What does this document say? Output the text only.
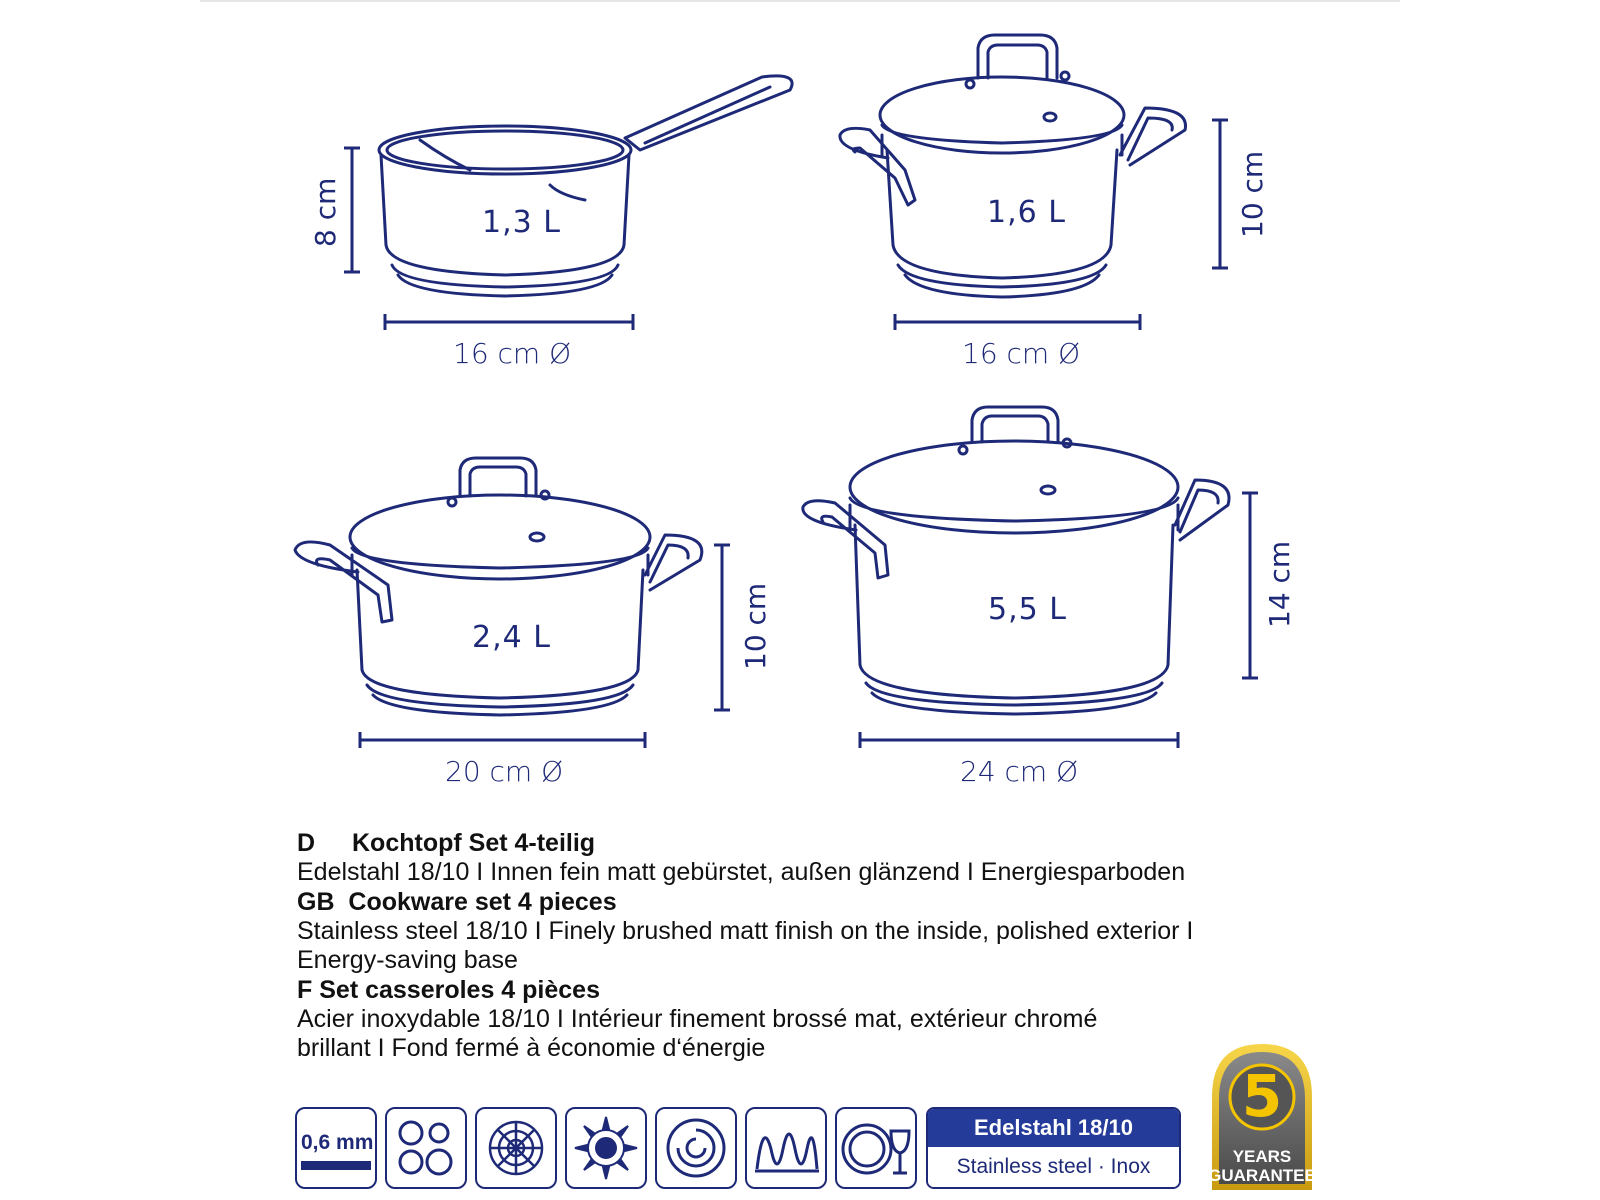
1,3 L	1,6 L
2,4 L
5,5 L
16 cm Ø	16 cm Ø
20 cm Ø	24 cm Ø
8 cm	10 cm
10 cm	14 cm
D Kochtopf Set 4-teilig
Edelstahl 18/10 I Innen fein matt gebürstet, außen glänzend I Energiesparboden
GB Cookware set 4 pieces
Stainless steel 18/10 I Finely brushed matt finish on the inside, polished exterior I
Energy-saving base
F Set casseroles 4 pièces
Acier inoxydable 18/10 I Intérieur finement brossé mat, extérieur chromé
brillant I Fond fermé à économie d‘énergie
0,6 mm
Edelstahl 18/10
Stainless steel · Inox
5
YEARS
GUARANTEE
